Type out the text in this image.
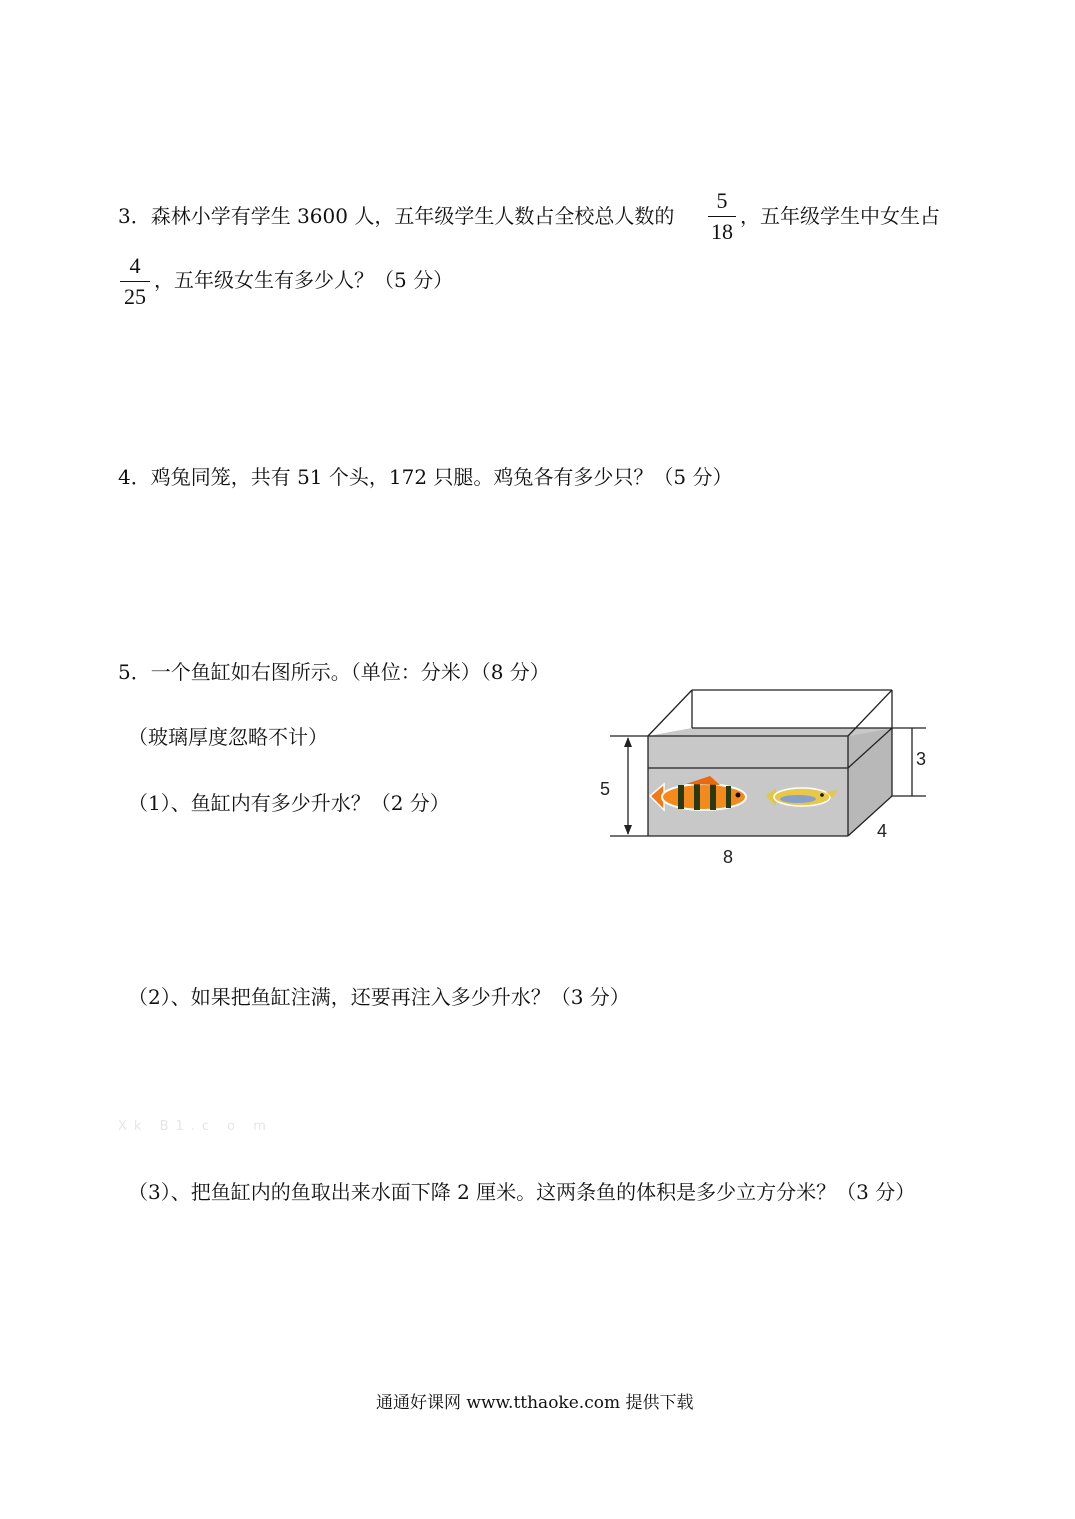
3．森林小学有学生 3600 人，五年级学生人数占全校总人数的
5
18
，五年级学生中女生占
4
25
，五年级女生有多少人？（5 分）
4．鸡兔同笼，共有 51 个头，172 只腿。鸡兔各有多少只？（5 分）
5．一个鱼缸如右图所示。（单位：分米）（8 分）
（玻璃厚度忽略不计）
（1）、鱼缸内有多少升水？（2 分）
5
3
8
4
（2）、如果把鱼缸注满，还要再注入多少升水？（3 分）
Xk B1.c o m
（3）、把鱼缸内的鱼取出来水面下降 2 厘米。这两条鱼的体积是多少立方分米？（3 分）
通通好课网 www.tthaoke.com 提供下载
